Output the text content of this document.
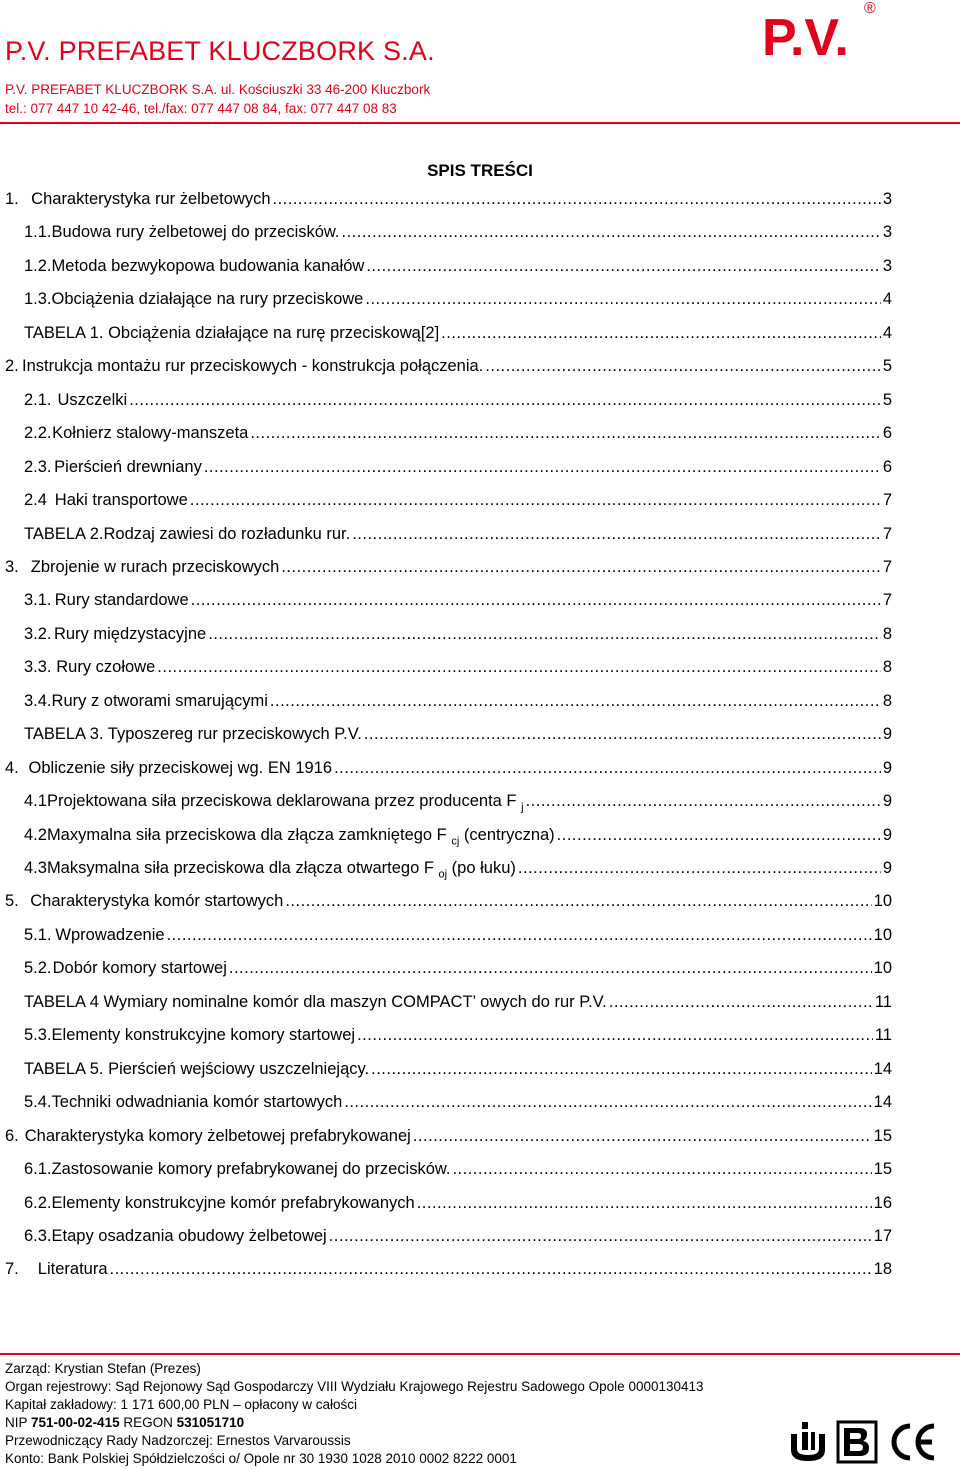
P.V. PREFABET KLUCZBORK S.A.
P.V. PREFABET KLUCZBORK S.A. ul. Kościuszki 33 46-200 Kluczbork
tel.: 077 447 10 42-46, tel./fax: 077 447 08 84, fax: 077 447 08 83
P.V.
®
SPIS TREŚCI
1. Charakterystyka rur żelbetowych .....	3
1.1. Budowa rury żelbetowej do przecisków. .....	3
1.2. Metoda bezwykopowa budowania kanałów .....	3
1.3. Obciążenia działające na rury przeciskowe .....	4
TABELA 1. Obciążenia działające na rurę przeciskową[2] .....	4
2. Instrukcja montażu rur przeciskowych - konstrukcja połączenia. .....	5
2.1. Uszczelki .....	5
2.2. Kołnierz stalowy-manszeta .....	6
2.3. Pierścień drewniany .....	6
2.4 Haki transportowe .....	7
TABELA 2.Rodzaj zawiesi do rozładunku rur. .....	7
3. Zbrojenie w rurach przeciskowych .....	7
3.1. Rury standardowe .....	7
3.2. Rury międzystacyjne .....	8
3.3. Rury czołowe .....	8
3.4. Rury z otworami smarującymi .....	8
TABELA 3. Typoszereg rur przeciskowych P.V. .....	9
4. Obliczenie siły przeciskowej wg. EN 1916 .....	9
4.1 Projektowana siła przeciskowa deklarowana przez producenta F $_j$ .....	9
4.2 Maxymalna siła przeciskowa dla złącza zamkniętego F $_{cj}$ (centryczna) .....	9
4.3 Maksymalna siła przeciskowa dla złącza otwartego F $_{oj}$ (po łuku) .....	9
5. Charakterystyka komór startowych .....	10
5.1. Wprowadzenie .....	10
5.2. Dobór komory startowej .....	10
TABELA 4 Wymiary nominalne komór dla maszyn COMPACT’ owych do rur P.V. .....	11
5.3. Elementy konstrukcyjne komory startowej .....	11
TABELA 5. Pierścień wejściowy uszczelniejący. .....	14
5.4. Techniki odwadniania komór startowych .....	14
6. Charakterystyka komory żelbetowej prefabrykowanej .....	15
6.1. Zastosowanie komory prefabrykowanej do przecisków. .....	15
6.2. Elementy konstrukcyjne komór prefabrykowanych .....	16
6.3. Etapy osadzania obudowy żelbetowej .....	17
7.	Literatura .....	18
Zarząd: Krystian Stefan (Prezes)
Organ rejestrowy: Sąd Rejonowy Sąd Gospodarczy VIII Wydziału Krajowego Rejestru Sadowego Opole 0000130413
Kapitał zakładowy: 1 171 600,00 PLN – opłacony w całości
NIP 751-00-02-415 REGON 531051710
Przewodniczący Rady Nadzorczej: Ernestos Varvaroussis
Konto: Bank Polskiej Spółdzielczości o/ Opole nr 30 1930 1028 2010 0002 8222 0001
